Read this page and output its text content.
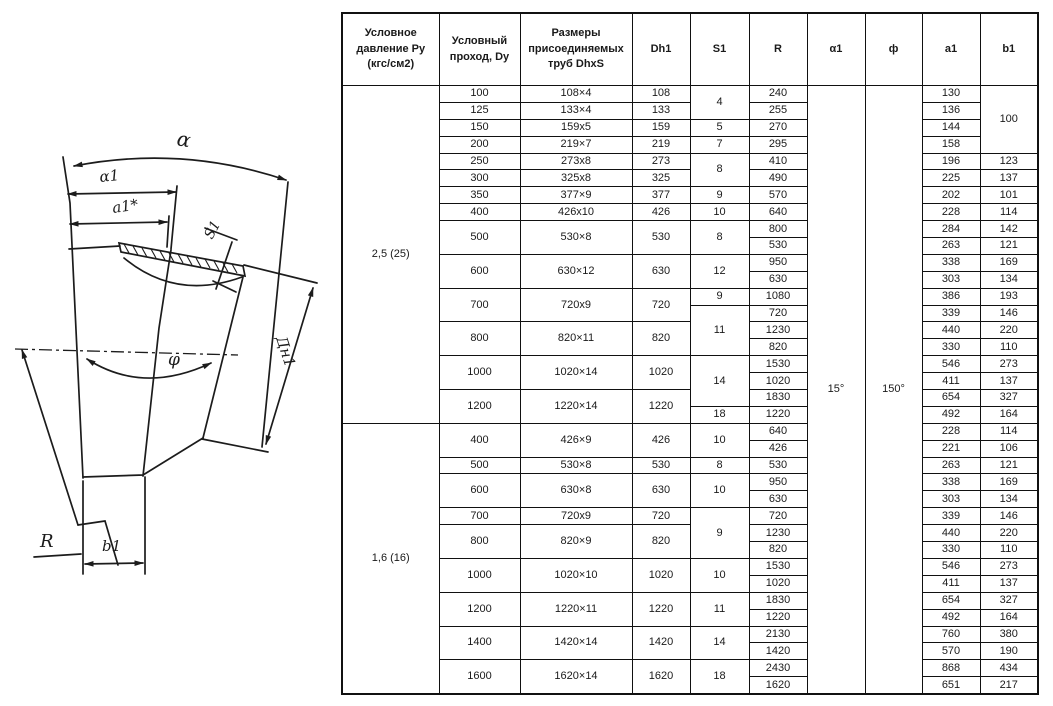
α
α1
a1*
S1
Дн1
φ
b1
R
Условное давление Ру (кгс/см2)	Условный проход, Dy	Размеры присоединяемых труб DhxS	Dh1	S1	R	α1	ф	a1	b1
2,5 (25)	100	108×4	108	4	240	15°	150°	130	100
	125	133×4	133		255			136	
	150	159x5	159	5	270			144	
	200	219×7	219	7	295			158	
	250	273x8	273	8	410			196	123
	300	325x8	325		490			225	137
	350	377×9	377	9	570			202	101
	400	426x10	426	10	640			228	114
	500	530×8	530	8	800			284	142
					530			263	121
	600	630×12	630	12	950			338	169
					630			303	134
	700	720x9	720	9	1080			386	193
				11	720			339	146
	800	820×11	820		1230			440	220
					820			330	110
	1000	1020×14	1020	14	1530			546	273
					1020			411	137
	1200	1220×14	1220		1830			654	327
				18	1220			492	164
1,6 (16)	400	426×9	426	10	640			228	114
					426			221	106
	500	530×8	530	8	530			263	121
	600	630×8	630	10	950			338	169
					630			303	134
	700	720x9	720	9	720			339	146
	800	820×9	820		1230			440	220
					820			330	110
	1000	1020×10	1020	10	1530			546	273
					1020			411	137
	1200	1220×11	1220	11	1830			654	327
					1220			492	164
	1400	1420×14	1420	14	2130			760	380
					1420			570	190
	1600	1620×14	1620	18	2430			868	434
					1620			651	217
